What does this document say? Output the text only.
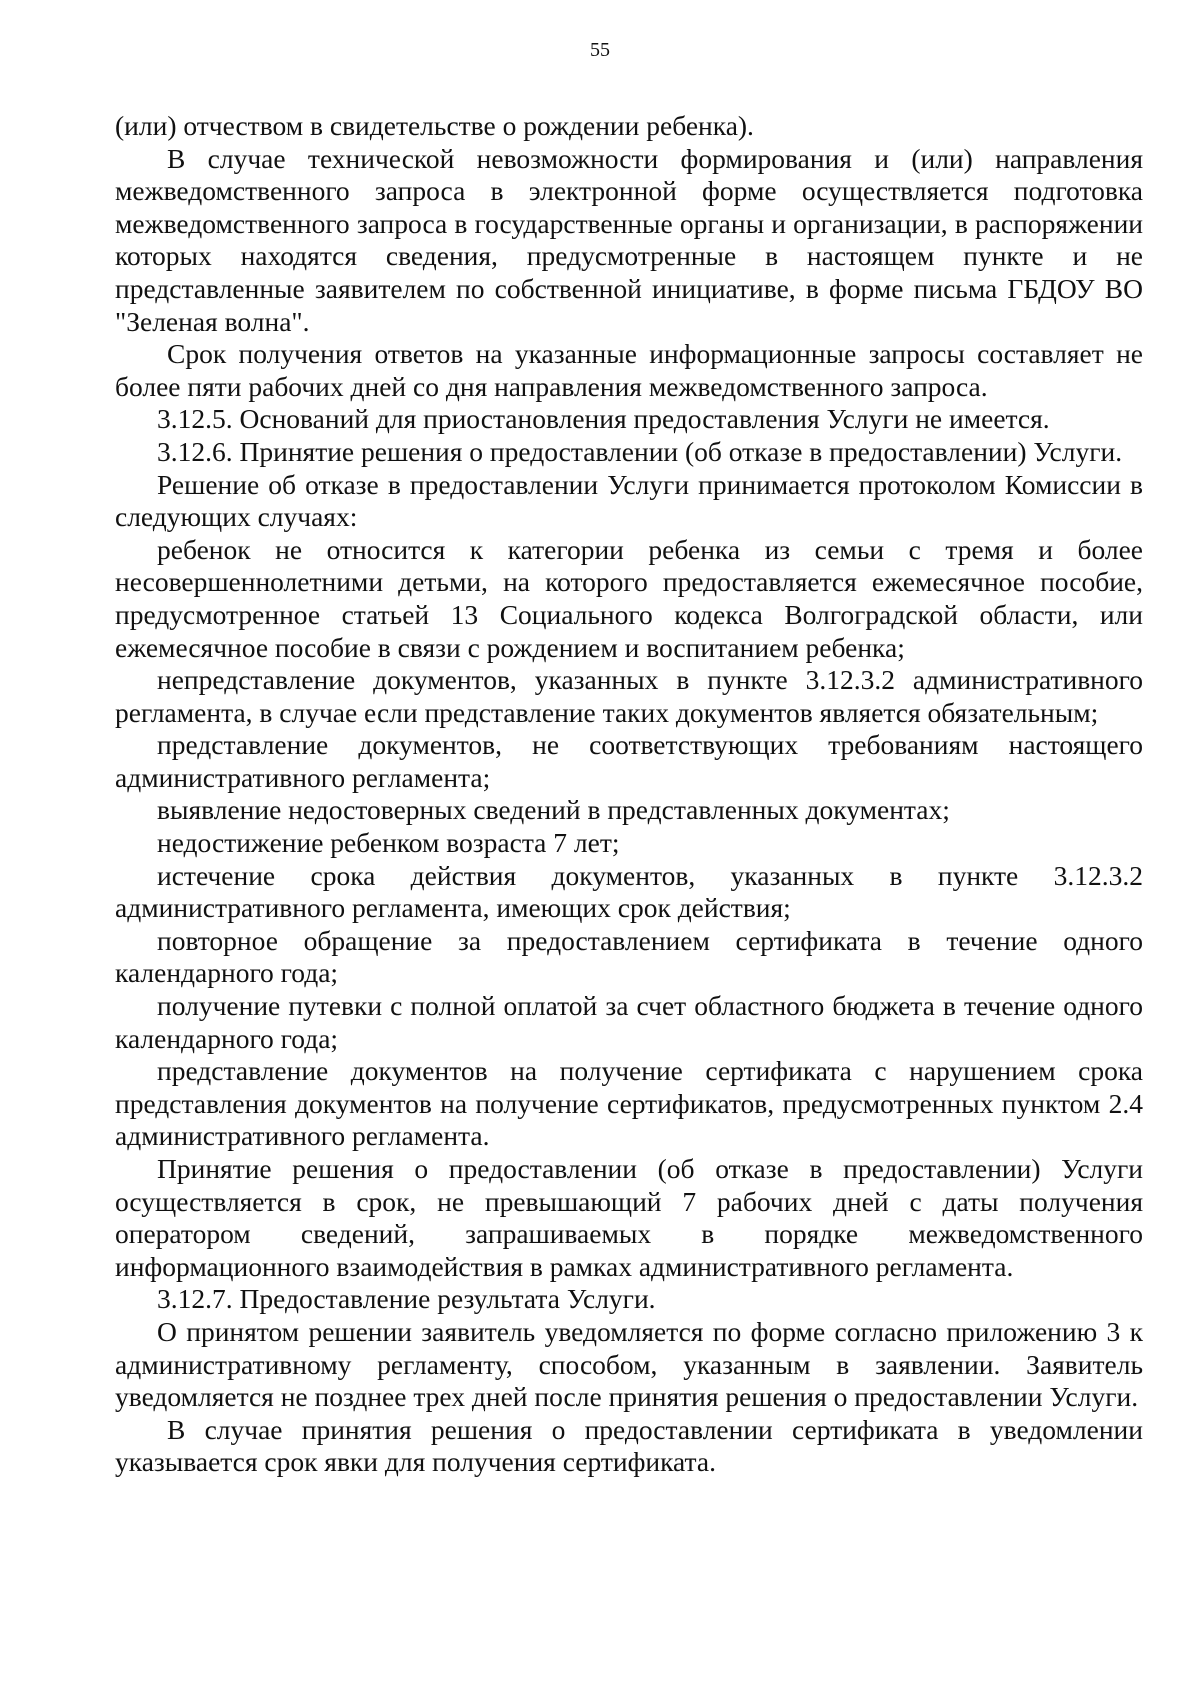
55

(или) отчеством в свидетельстве о рождении ребенка).

В случае технической невозможности формирования и (или) направления межведомственного запроса в электронной форме осуществляется подготовка межведомственного запроса в государственные органы и организации, в распоряжении которых находятся сведения, предусмотренные в настоящем пункте и не представленные заявителем по собственной инициативе, в форме письма ГБДОУ ВО "Зеленая волна".

Срок получения ответов на указанные информационные запросы составляет не более пяти рабочих дней со дня направления межведомственного запроса.

3.12.5. Оснований для приостановления предоставления Услуги не имеется.

3.12.6. Принятие решения о предоставлении (об отказе в предоставлении) Услуги.

Решение об отказе в предоставлении Услуги принимается протоколом Комиссии в следующих случаях:

ребенок не относится к категории ребенка из семьи с тремя и более несовершеннолетними детьми, на которого предоставляется ежемесячное пособие, предусмотренное статьей 13 Социального кодекса Волгоградской области, или ежемесячное пособие в связи с рождением и воспитанием ребенка;

непредставление документов, указанных в пункте 3.12.3.2 административного регламента, в случае если представление таких документов является обязательным;

представление документов, не соответствующих требованиям настоящего административного регламента;

выявление недостоверных сведений в представленных документах;

недостижение ребенком возраста 7 лет;

истечение срока действия документов, указанных в пункте 3.12.3.2 административного регламента, имеющих срок действия;

повторное обращение за предоставлением сертификата в течение одного календарного года;

получение путевки с полной оплатой за счет областного бюджета в течение одного календарного года;

представление документов на получение сертификата с нарушением срока представления документов на получение сертификатов, предусмотренных пунктом 2.4 административного регламента.

Принятие решения о предоставлении (об отказе в предоставлении) Услуги осуществляется в срок, не превышающий 7 рабочих дней с даты получения оператором сведений, запрашиваемых в порядке межведомственного информационного взаимодействия в рамках административного регламента.

3.12.7. Предоставление результата Услуги.

О принятом решении заявитель уведомляется по форме согласно приложению 3 к административному регламенту, способом, указанным в заявлении. Заявитель уведомляется не позднее трех дней после принятия решения о предоставлении Услуги.

В случае принятия решения о предоставлении сертификата в уведомлении указывается срок явки для получения сертификата.
